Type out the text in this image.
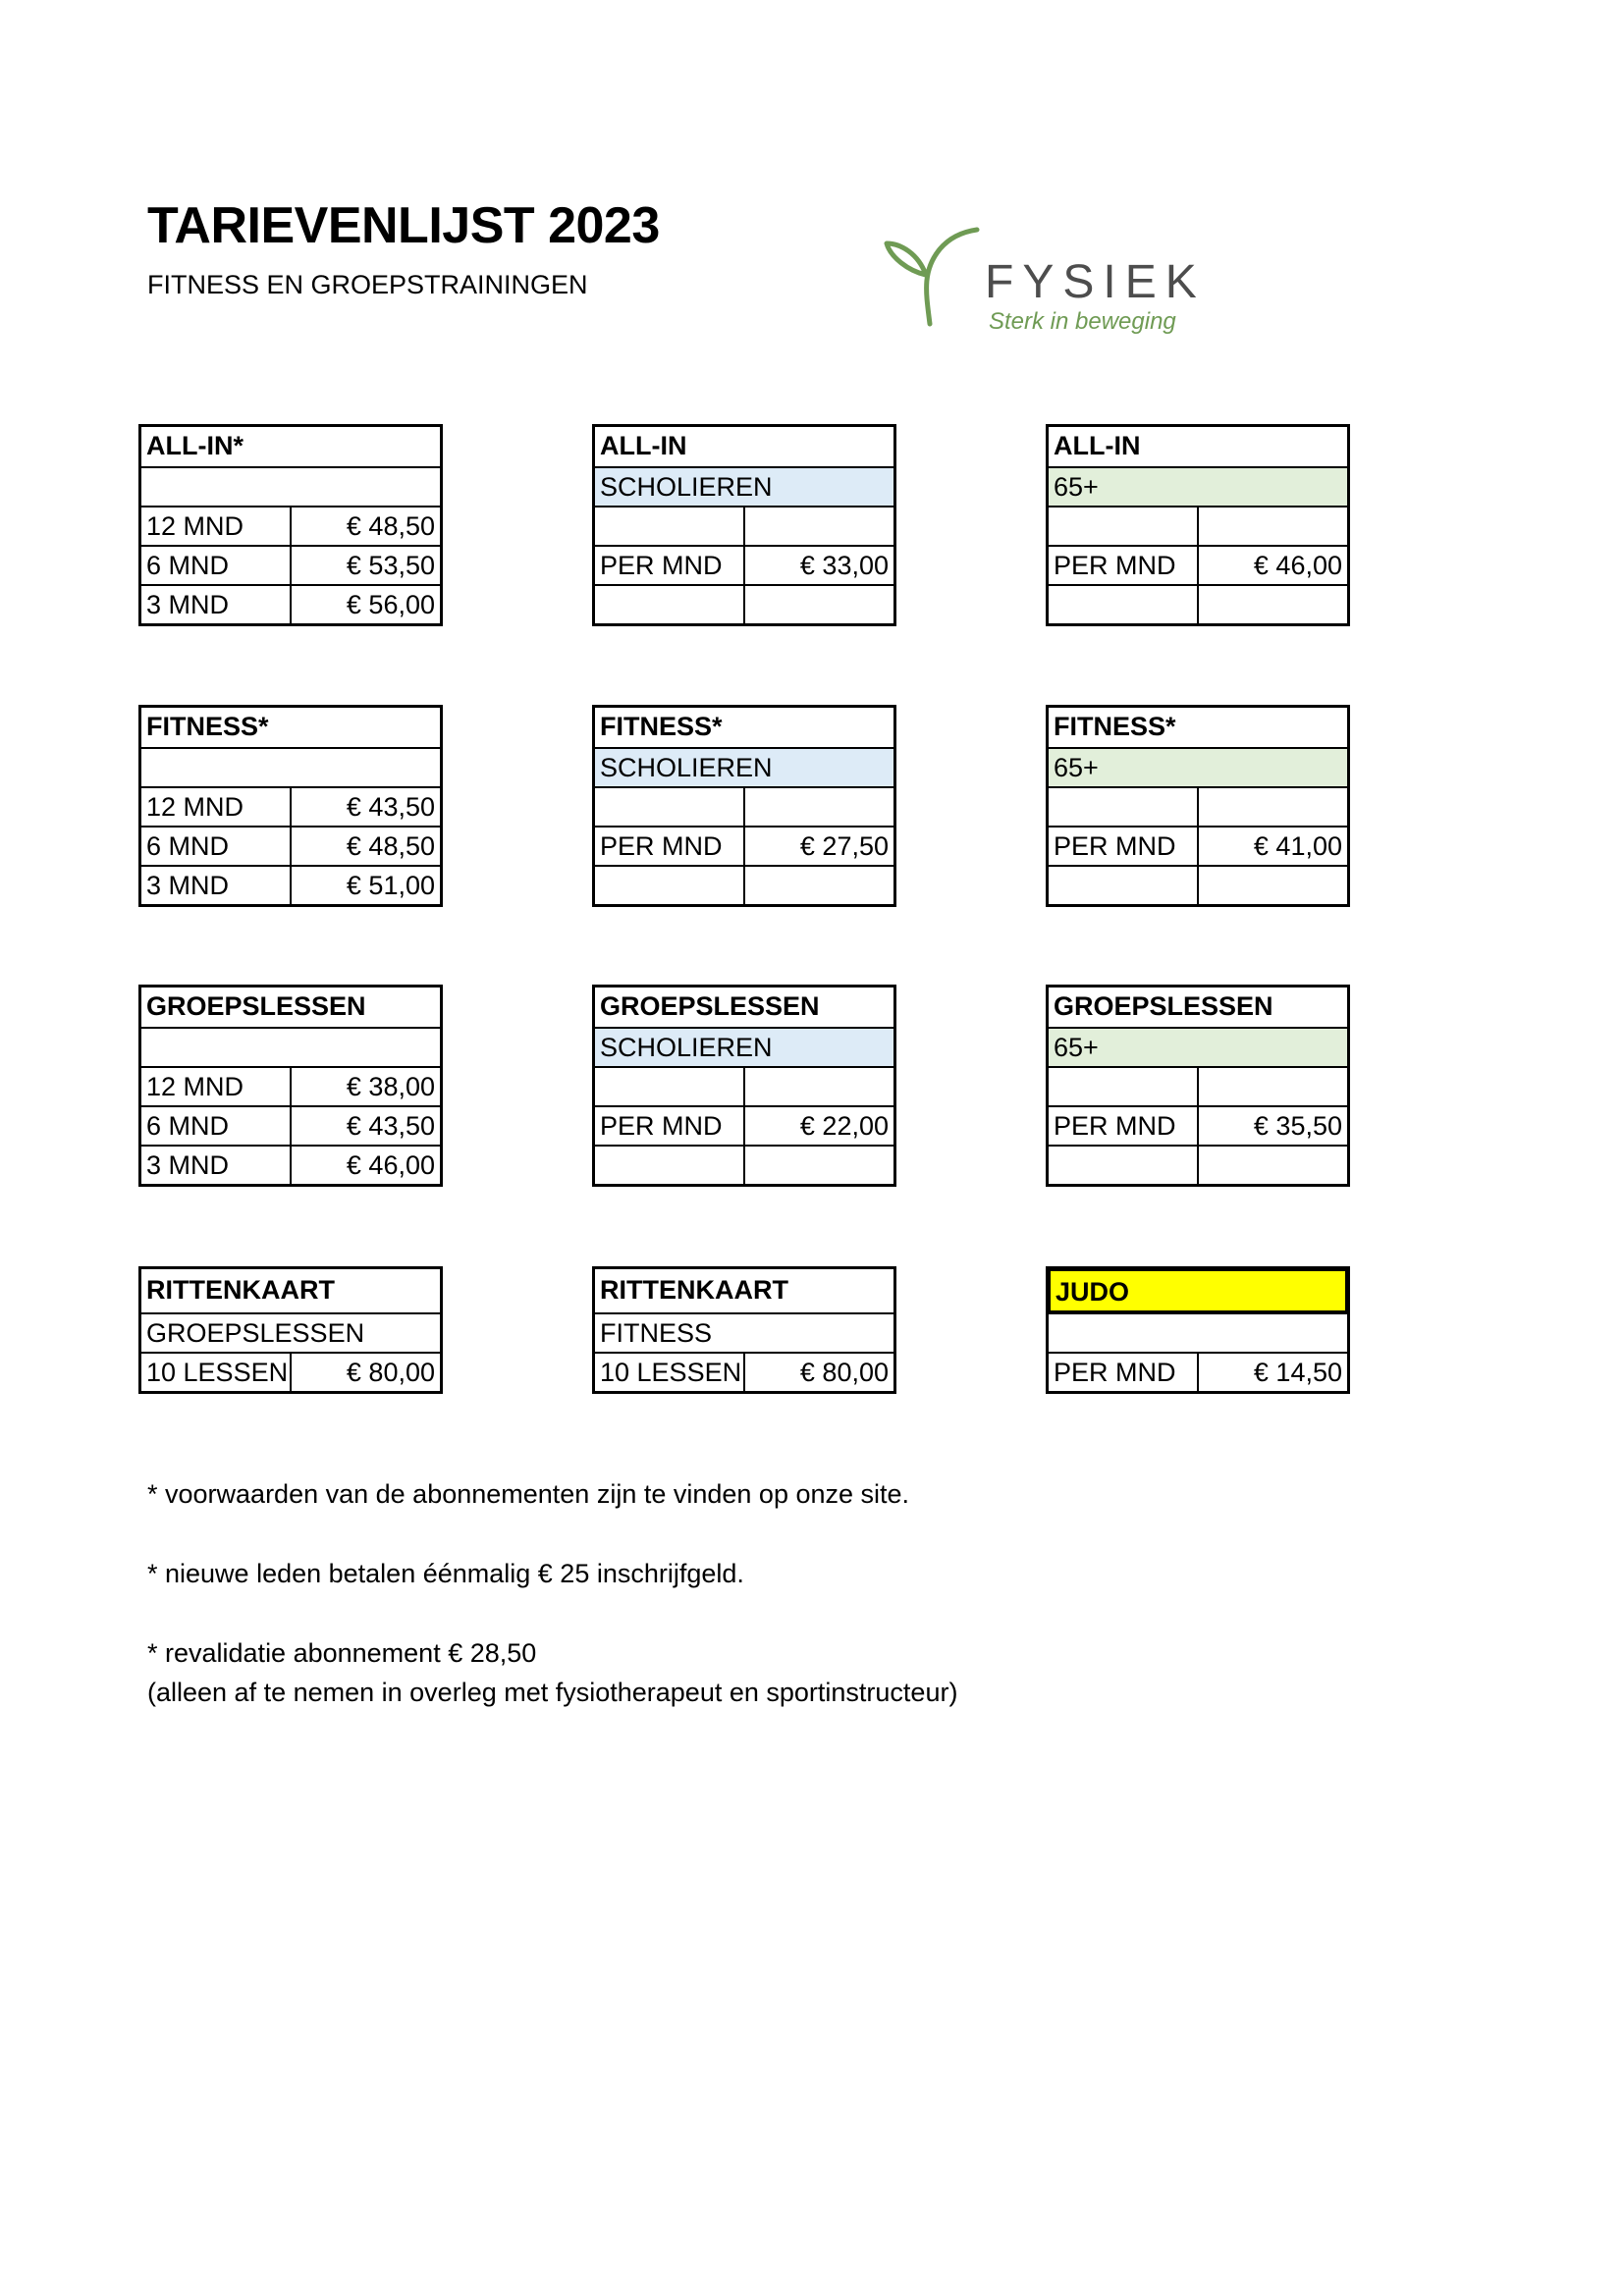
TARIEVENLIJST 2023
FITNESS EN GROEPSTRAININGEN	FYSIEK
Sterk in beweging
ALL-IN*
12 MND	€ 48,50
6 MND	€ 53,50
3 MND	€ 56,00
ALL-IN
SCHOLIEREN
PER MND	€ 33,00
ALL-IN
65+
PER MND	€ 46,00
FITNESS*
12 MND	€ 43,50
6 MND	€ 48,50
3 MND	€ 51,00
FITNESS*
SCHOLIEREN
PER MND	€ 27,50
FITNESS*
65+
PER MND	€ 41,00
GROEPSLESSEN
12 MND	€ 38,00
6 MND	€ 43,50
3 MND	€ 46,00
GROEPSLESSEN
SCHOLIEREN
PER MND	€ 22,00
GROEPSLESSEN
65+
PER MND	€ 35,50
RITTENKAART
GROEPSLESSEN
10 LESSEN	€ 80,00
RITTENKAART
FITNESS
10 LESSEN	€ 80,00
JUDO
PER MND	€ 14,50

* voorwaarden van de abonnementen zijn te vinden op onze site.

* nieuwe leden betalen éénmalig € 25 inschrijfgeld.

* revalidatie abonnement € 28,50
(alleen af te nemen in overleg met fysiotherapeut en sportinstructeur)
